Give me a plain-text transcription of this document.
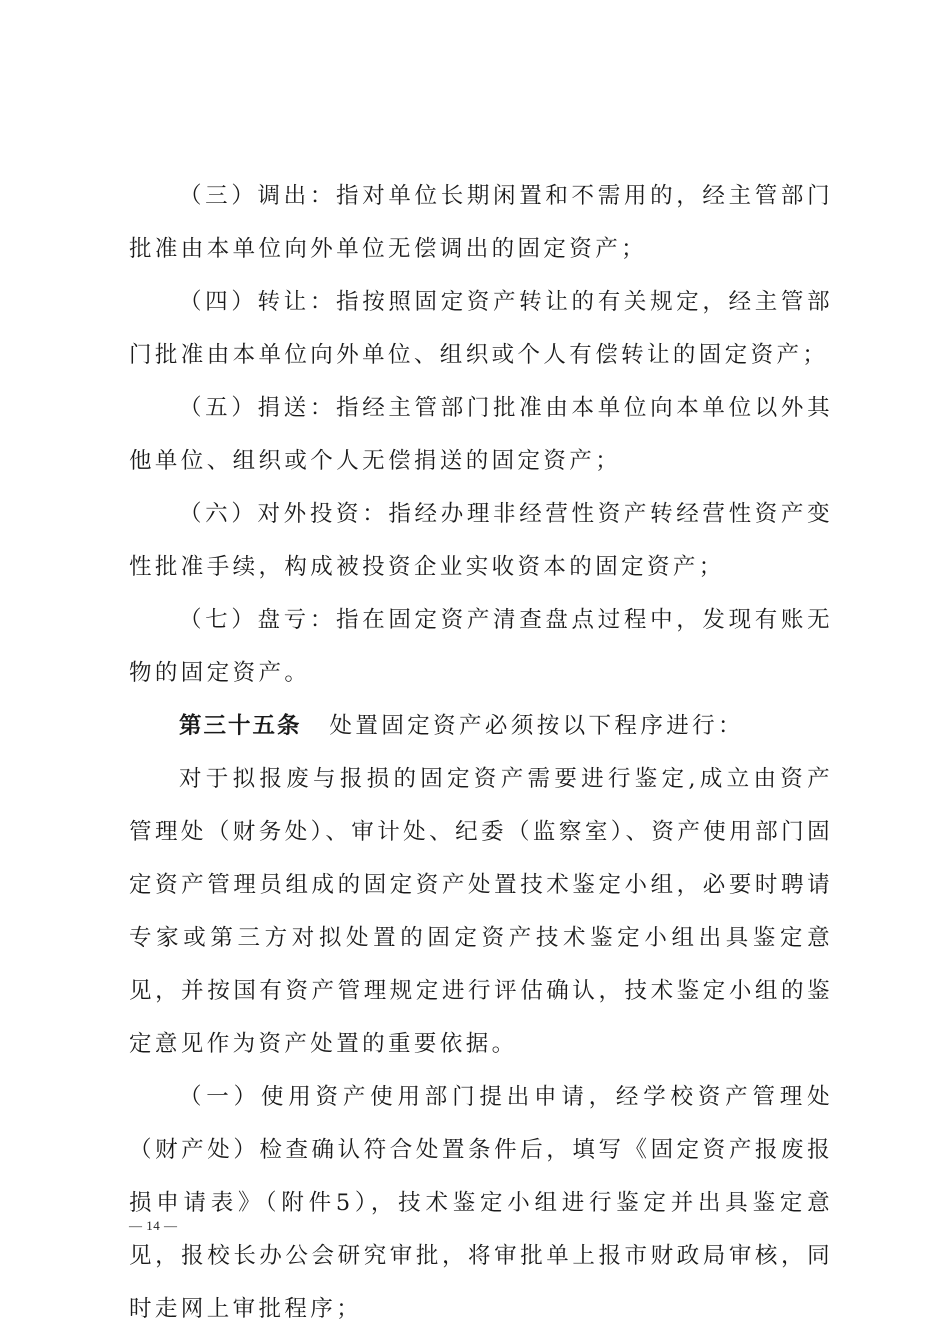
（三）调出：指对单位长期闲置和不需用的，经主管部门批准由本单位向外单位无偿调出的固定资产；

（四）转让：指按照固定资产转让的有关规定，经主管部门批准由本单位向外单位、组织或个人有偿转让的固定资产；

（五）捐送：指经主管部门批准由本单位向本单位以外其他单位、组织或个人无偿捐送的固定资产；

（六）对外投资：指经办理非经营性资产转经营性资产变性批准手续，构成被投资企业实收资本的固定资产；

（七）盘亏：指在固定资产清查盘点过程中，发现有账无物的固定资产。

第三十五条 处置固定资产必须按以下程序进行：

对于拟报废与报损的固定资产需要进行鉴定,成立由资产管理处（财务处）、审计处、纪委（监察室）、资产使用部门固定资产管理员组成的固定资产处置技术鉴定小组，必要时聘请专家或第三方对拟处置的固定资产技术鉴定小组出具鉴定意见，并按国有资产管理规定进行评估确认，技术鉴定小组的鉴定意见作为资产处置的重要依据。

（一）使用资产使用部门提出申请，经学校资产管理处（财产处）检查确认符合处置条件后，填写《固定资产报废报损申请表》（附件5），技术鉴定小组进行鉴定并出具鉴定意见，报校长办公会研究审批，将审批单上报市财政局审核，同时走网上审批程序；

— 14 —
